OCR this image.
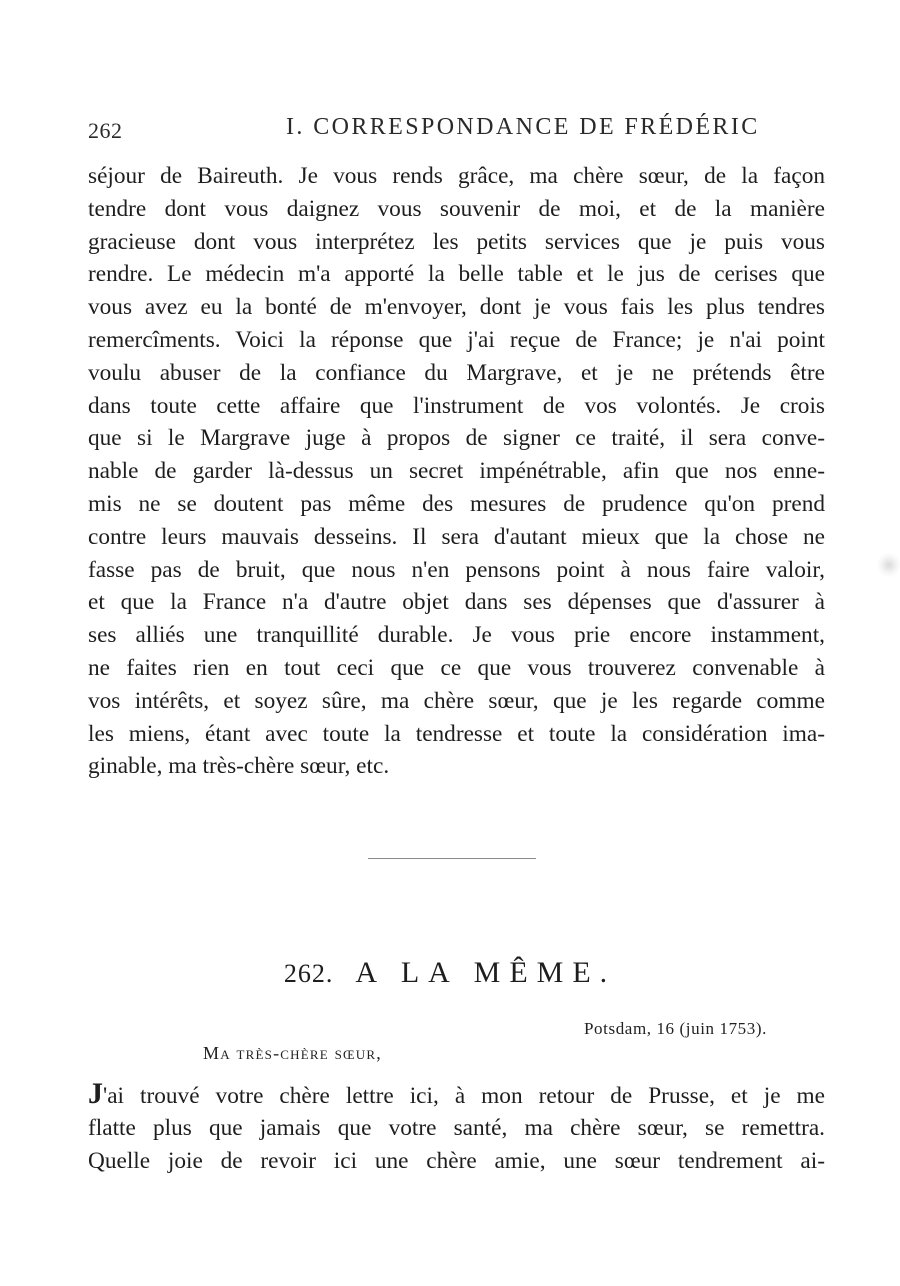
262	I. CORRESPONDANCE DE FRÉDÉRIC
séjour de Baireuth. Je vous rends grâce, ma chère sœur, de la façon
tendre dont vous daignez vous souvenir de moi, et de la manière
gracieuse dont vous interprétez les petits services que je puis vous
rendre. Le médecin m'a apporté la belle table et le jus de cerises que
vous avez eu la bonté de m'envoyer, dont je vous fais les plus tendres
remercîments. Voici la réponse que j'ai reçue de France; je n'ai point
voulu abuser de la confiance du Margrave, et je ne prétends être
dans toute cette affaire que l'instrument de vos volontés. Je crois
que si le Margrave juge à propos de signer ce traité, il sera conve-
nable de garder là-dessus un secret impénétrable, afin que nos enne-
mis ne se doutent pas même des mesures de prudence qu'on prend
contre leurs mauvais desseins. Il sera d'autant mieux que la chose ne
fasse pas de bruit, que nous n'en pensons point à nous faire valoir,
et que la France n'a d'autre objet dans ses dépenses que d'assurer à
ses alliés une tranquillité durable. Je vous prie encore instamment,
ne faites rien en tout ceci que ce que vous trouverez convenable à
vos intérêts, et soyez sûre, ma chère sœur, que je les regarde comme
les miens, étant avec toute la tendresse et toute la considération ima-
ginable, ma très-chère sœur, etc.
262. A LA MÊME.
Potsdam, 16 (juin 1753).
Ma très-chère sœur,
J'ai trouvé votre chère lettre ici, à mon retour de Prusse, et je me
flatte plus que jamais que votre santé, ma chère sœur, se remettra.
Quelle joie de revoir ici une chère amie, une sœur tendrement ai-
